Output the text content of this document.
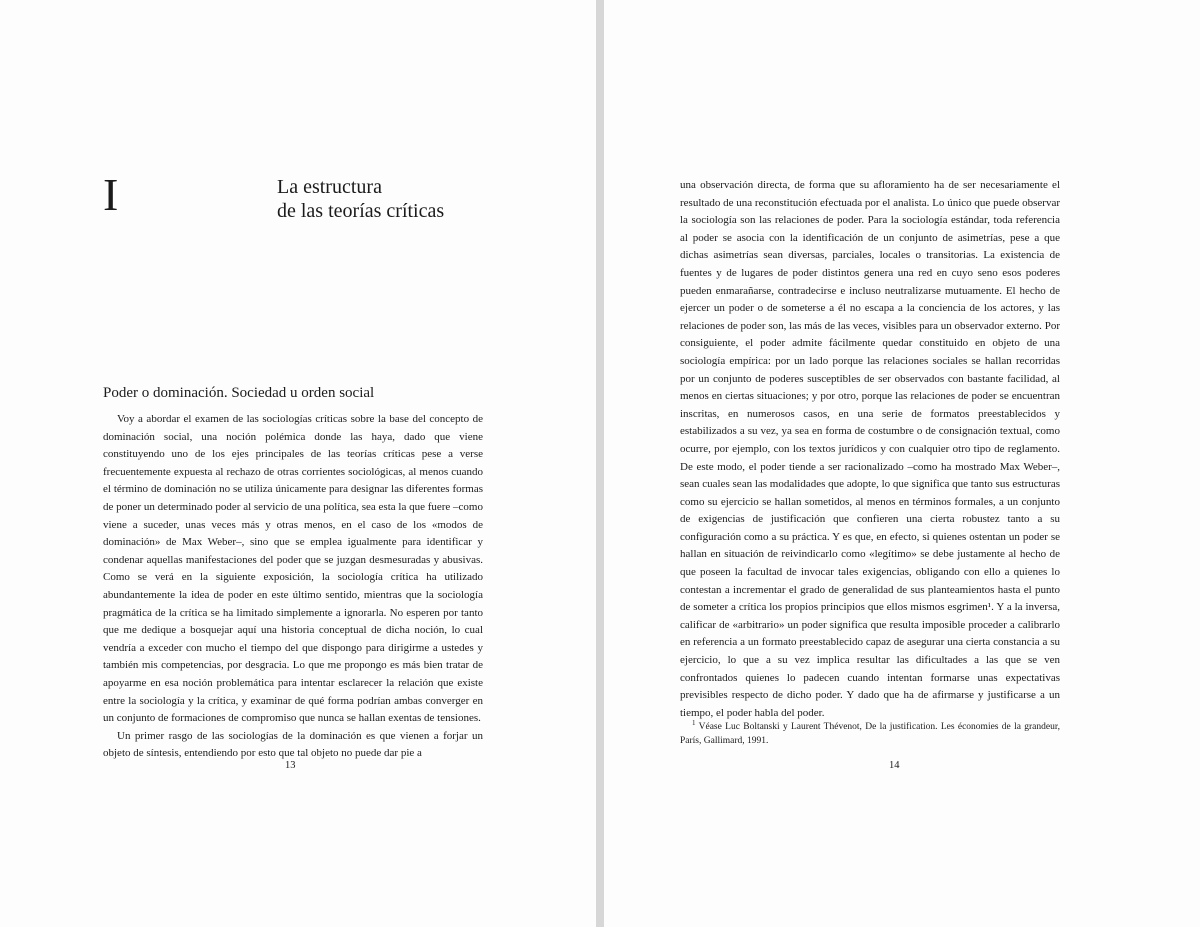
I	La estructura
de las teorías críticas
Poder o dominación. Sociedad u orden social

Voy a abordar el examen de las sociologías críticas sobre la base del concepto de dominación social, una noción polémica donde las haya, dado que viene constituyendo uno de los ejes principales de las teorías críticas pese a verse frecuentemente expuesta al rechazo de otras corrientes sociológicas, al menos cuando el término de dominación no se utiliza únicamente para designar las diferentes formas de poner un determinado poder al servicio de una política, sea esta la que fuere –como viene a suceder, unas veces más y otras menos, en el caso de los «modos de dominación» de Max Weber–, sino que se emplea igualmente para identificar y condenar aquellas manifestaciones del poder que se juzgan desmesuradas y abusivas. Como se verá en la siguiente exposición, la sociología crítica ha utilizado abundantemente la idea de poder en este último sentido, mientras que la sociología pragmática de la crítica se ha limitado simplemente a ignorarla. No esperen por tanto que me dedique a bosquejar aquí una historia conceptual de dicha noción, lo cual vendría a exceder con mucho el tiempo del que dispongo para dirigirme a ustedes y también mis competencias, por desgracia. Lo que me propongo es más bien tratar de apoyarme en esa noción problemática para intentar esclarecer la relación que existe entre la sociología y la crítica, y examinar de qué forma podrían ambas converger en un conjunto de formaciones de compromiso que nunca se hallan exentas de tensiones.

Un primer rasgo de las sociologías de la dominación es que vienen a forjar un objeto de síntesis, entendiendo por esto que tal objeto no puede dar pie a

13

una observación directa, de forma que su afloramiento ha de ser necesariamente el resultado de una reconstitución efectuada por el analista. Lo único que puede observar la sociología son las relaciones de poder. Para la sociología estándar, toda referencia al poder se asocia con la identificación de un conjunto de asimetrías, pese a que dichas asimetrías sean diversas, parciales, locales o transitorias. La existencia de fuentes y de lugares de poder distintos genera una red en cuyo seno esos poderes pueden enmarañarse, contradecirse e incluso neutralizarse mutuamente. El hecho de ejercer un poder o de someterse a él no escapa a la conciencia de los actores, y las relaciones de poder son, las más de las veces, visibles para un observador externo. Por consiguiente, el poder admite fácilmente quedar constituido en objeto de una sociología empírica: por un lado porque las relaciones sociales se hallan recorridas por un conjunto de poderes susceptibles de ser observados con bastante facilidad, al menos en ciertas situaciones; y por otro, porque las relaciones de poder se encuentran inscritas, en numerosos casos, en una serie de formatos preestablecidos y estabilizados a su vez, ya sea en forma de costumbre o de consignación textual, como ocurre, por ejemplo, con los textos jurídicos y con cualquier otro tipo de reglamento. De este modo, el poder tiende a ser racionalizado –como ha mostrado Max Weber–, sean cuales sean las modalidades que adopte, lo que significa que tanto sus estructuras como su ejercicio se hallan sometidos, al menos en términos formales, a un conjunto de exigencias de justificación que confieren una cierta robustez tanto a su configuración como a su práctica. Y es que, en efecto, si quienes ostentan un poder se hallan en situación de reivindicarlo como «legítimo» se debe justamente al hecho de que poseen la facultad de invocar tales exigencias, obligando con ello a quienes lo contestan a incrementar el grado de generalidad de sus planteamientos hasta el punto de someter a crítica los propios principios que ellos mismos esgrimen¹. Y a la inversa, calificar de «arbitrario» un poder significa que resulta imposible proceder a calibrarlo en referencia a un formato preestablecido capaz de asegurar una cierta constancia a su ejercicio, lo que a su vez implica resultar las dificultades a las que se ven confrontados quienes lo padecen cuando intentan formarse unas expectativas previsibles respecto de dicho poder. Y dado que ha de afirmarse y justificarse a un tiempo, el poder habla del poder.

$^1$ Véase Luc Boltanski y Laurent Thévenot, De la justification. Les économies de la grandeur, París, Gallimard, 1991.
14
